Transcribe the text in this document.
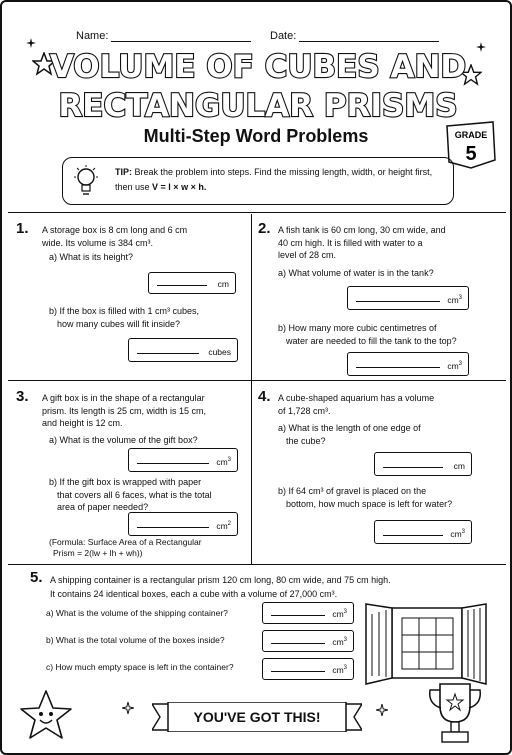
Name:	Date:
VOLUME OF CUBES AND
RECTANGULAR PRISMS
Multi-Step Word Problems	GRADE
5
TIP: Break the problem into steps. Find the missing length, width, or height first, then use V = l × w × h.
1. A storage box is 8 cm long and 6 cm
wide. Its volume is 384 cm³.
a) What is its height?
cm
b) If the box is filled with 1 cm³ cubes,
how many cubes will fit inside?
cubes
2. A fish tank is 60 cm long, 30 cm wide, and
40 cm high. It is filled with water to a
level of 28 cm.
a) What volume of water is in the tank?
$cm^3$
b) How many more cubic centimetres of
water are needed to fill the tank to the top?
$cm^3$
3. A gift box is in the shape of a rectangular
prism. Its length is 25 cm, width is 15 cm,
and height is 12 cm.
a) What is the volume of the gift box?
$cm^3$
b) If the gift box is wrapped with paper
that covers all 6 faces, what is the total
area of paper needed?
$cm^2$
(Formula: Surface Area of a Rectangular
Prism = 2(lw + lh + wh))
4. A cube-shaped aquarium has a volume
of 1,728 cm³.
a) What is the length of one edge of
the cube?
cm
b) If 64 cm³ of gravel is placed on the
bottom, how much space is left for water?
$cm^3$
5. A shipping container is a rectangular prism 120 cm long, 80 cm wide, and 75 cm high.
It contains 24 identical boxes, each a cube with a volume of 27,000 cm³.
a) What is the volume of the shipping container?
b) What is the total volume of the boxes inside?
c) How much empty space is left in the container?
$cm^3$
$cm^3$
$cm^3$
YOU'VE GOT THIS!
